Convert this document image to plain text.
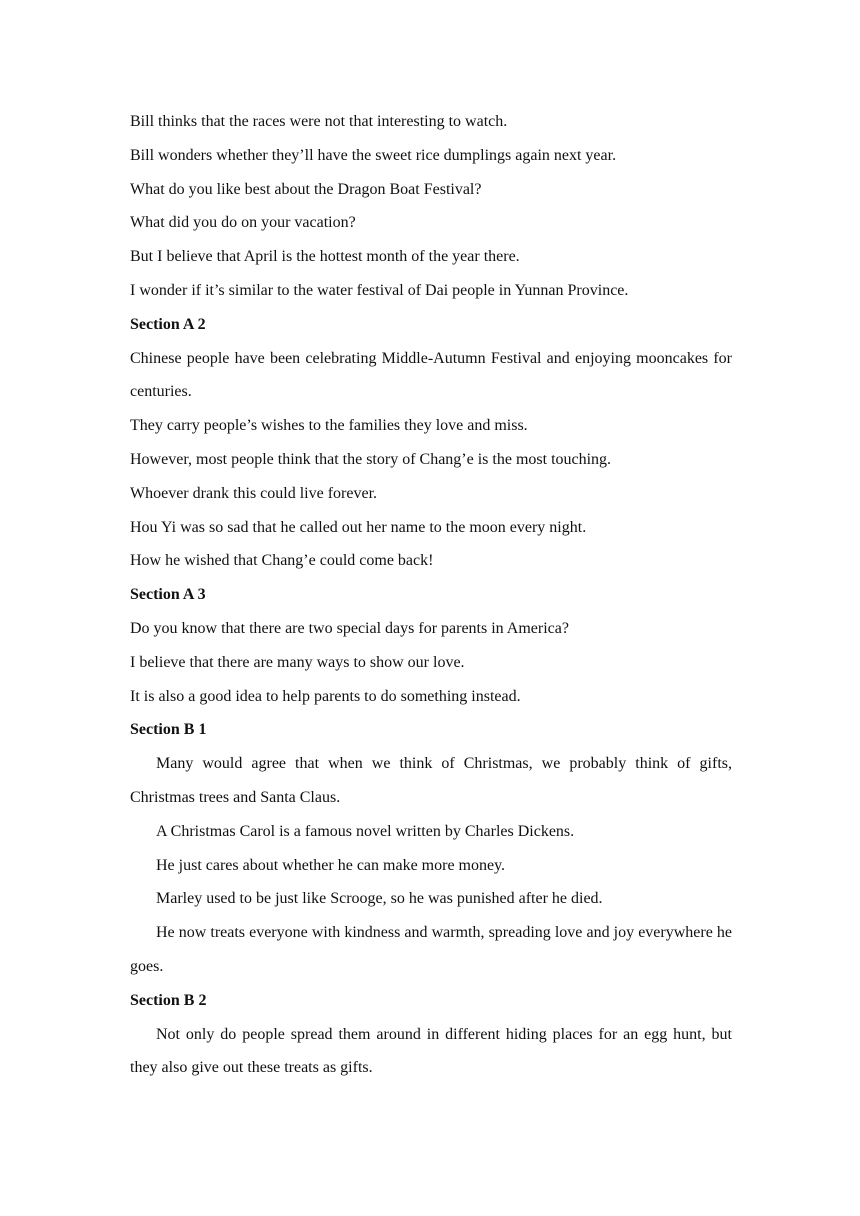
Bill thinks that the races were not that interesting to watch.

Bill wonders whether they’ll have the sweet rice dumplings again next year.

What do you like best about the Dragon Boat Festival?

What did you do on your vacation?

But I believe that April is the hottest month of the year there.

I wonder if it’s similar to the water festival of Dai people in Yunnan Province.

Section A 2

Chinese people have been celebrating Middle-Autumn Festival and enjoying mooncakes for centuries.

They carry people’s wishes to the families they love and miss.

However, most people think that the story of Chang’e is the most touching.

Whoever drank this could live forever.

Hou Yi was so sad that he called out her name to the moon every night.

How he wished that Chang’e could come back!

Section A 3

Do you know that there are two special days for parents in America?

I believe that there are many ways to show our love.

It is also a good idea to help parents to do something instead.

Section B 1

Many would agree that when we think of Christmas, we probably think of gifts, Christmas trees and Santa Claus.

A Christmas Carol is a famous novel written by Charles Dickens.

He just cares about whether he can make more money.

Marley used to be just like Scrooge, so he was punished after he died.

He now treats everyone with kindness and warmth, spreading love and joy everywhere he goes.

Section B 2

Not only do people spread them around in different hiding places for an egg hunt, but they also give out these treats as gifts.
